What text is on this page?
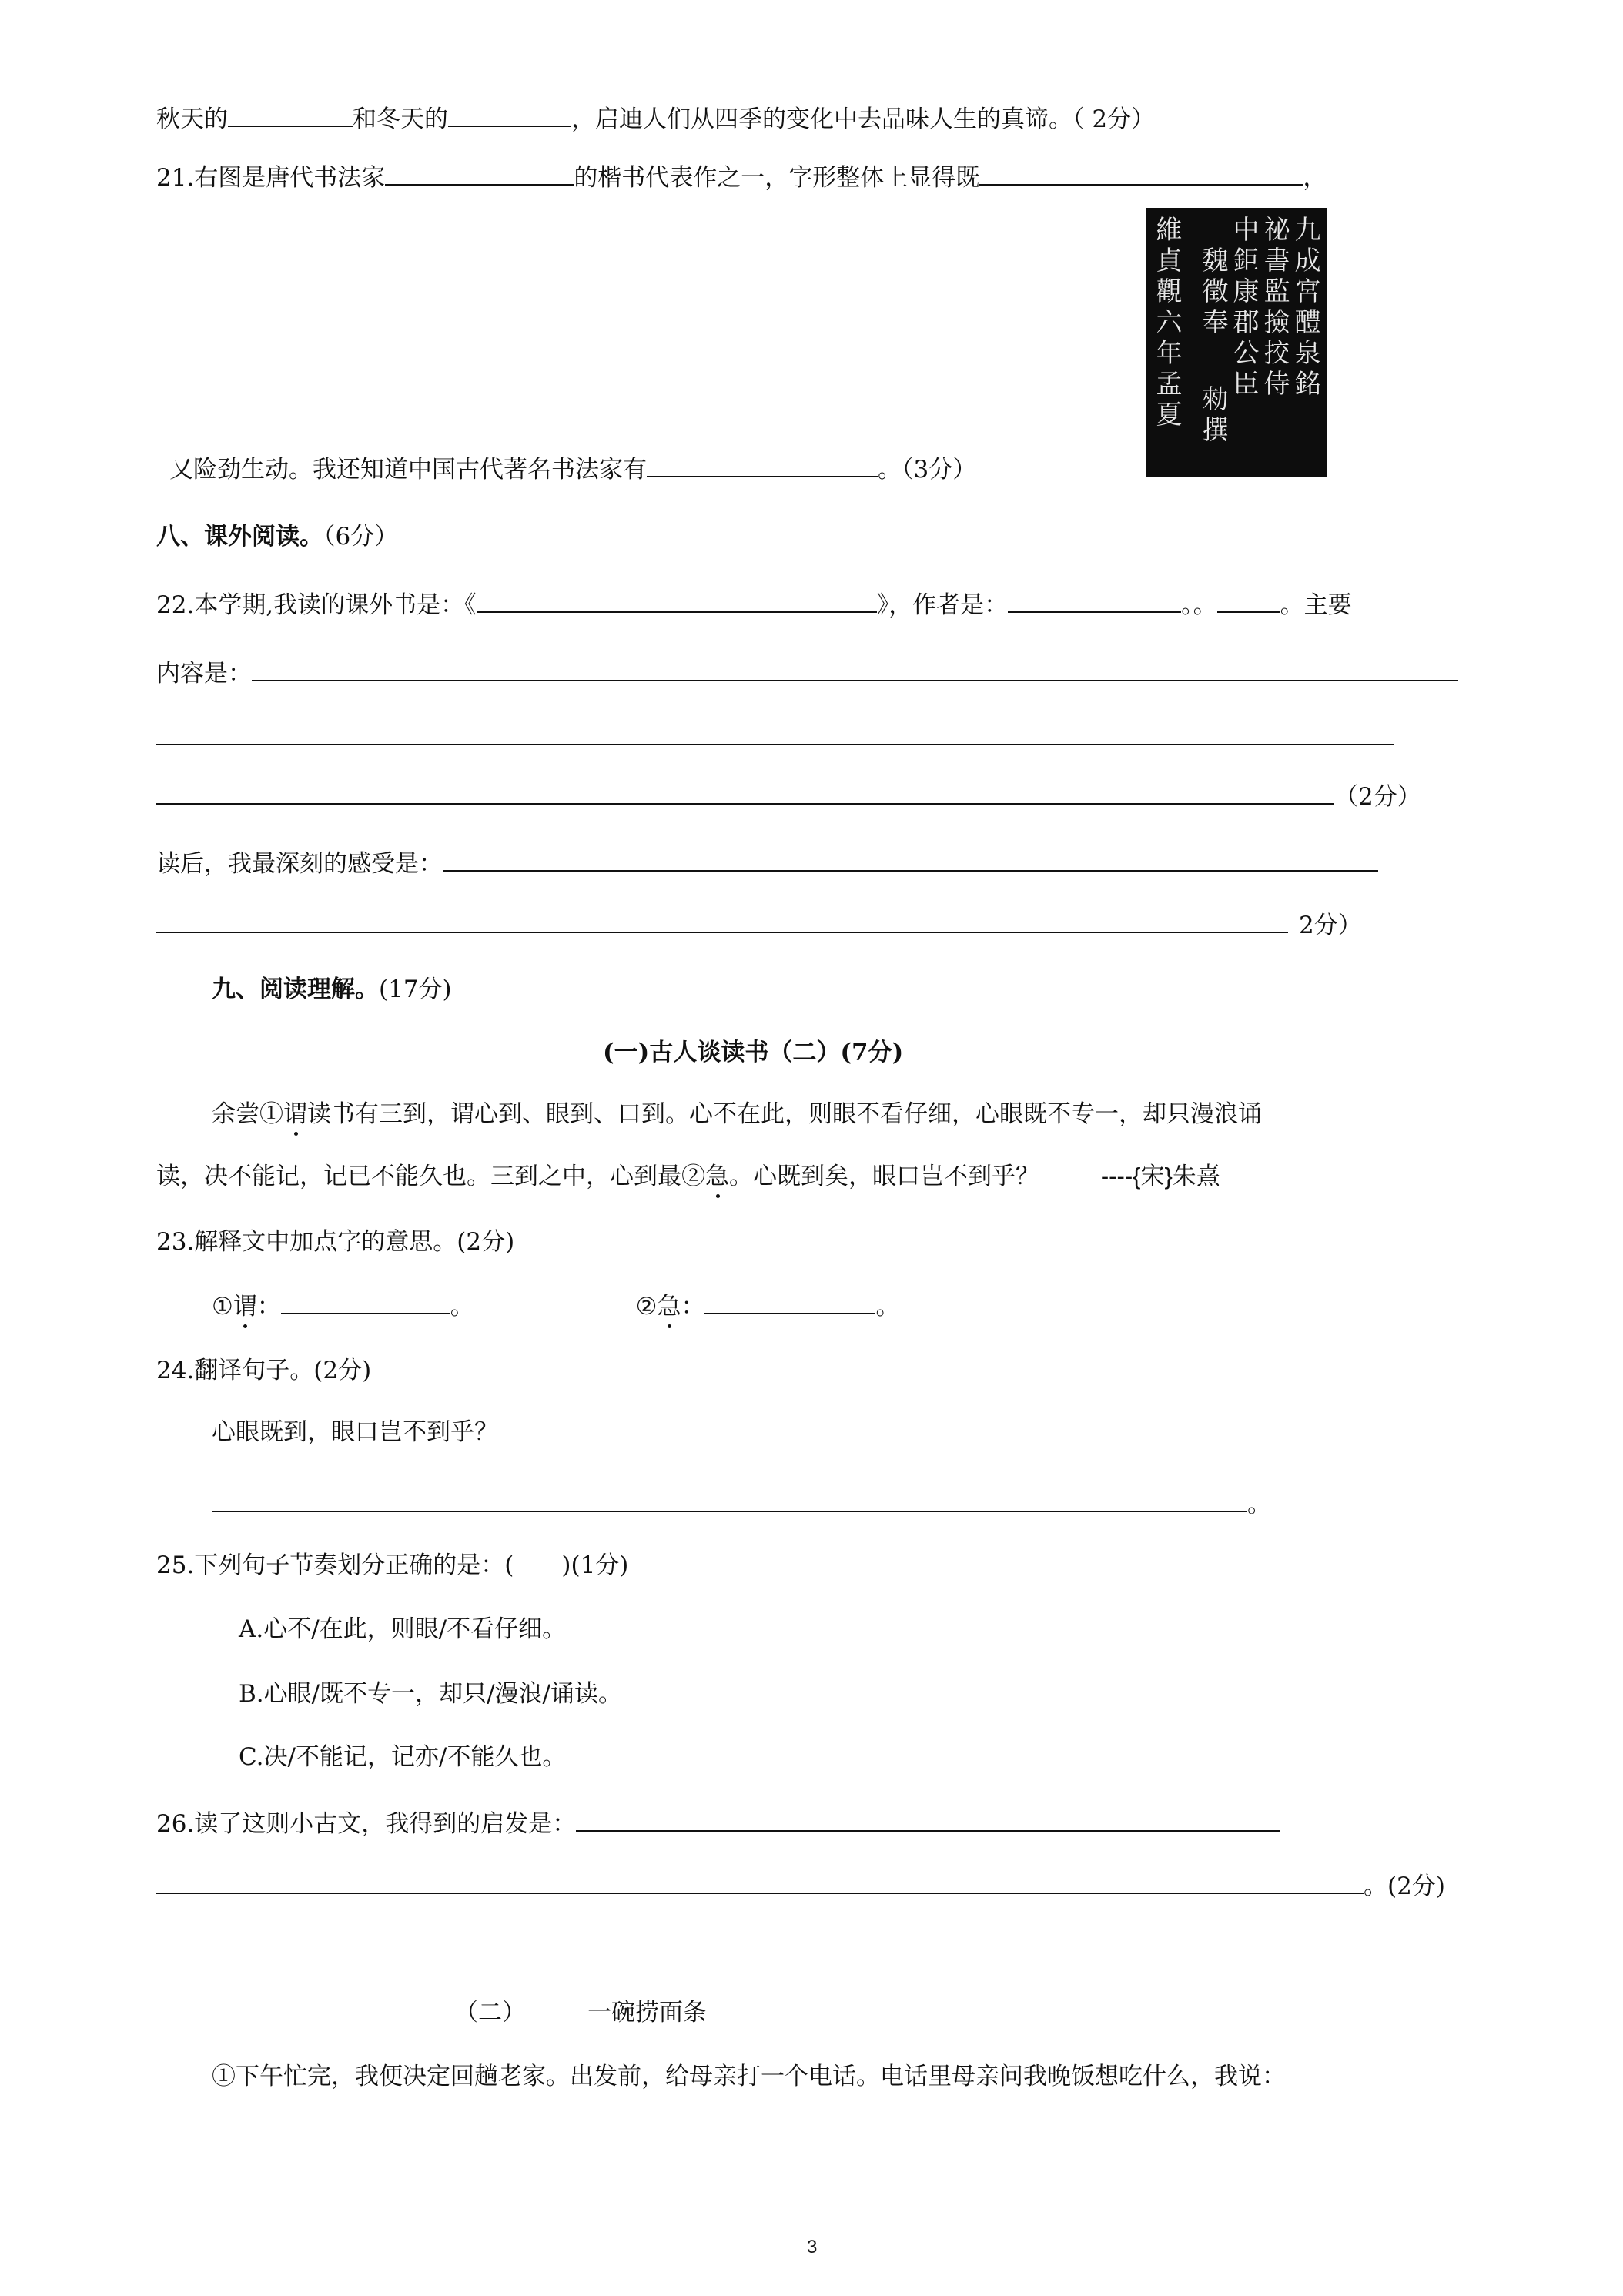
秋天的	和冬天的	，启迪人们从四季的变化中去品味人生的真谛。（ 2分）
21.右图是唐代书法家	的楷书代表作之一，字形整体上显得既	，
九成宮醴泉銘
祕書監撿挍侍
中鉅康郡公臣
魏徵奉
勑撰
維貞觀六年孟夏
又险劲生动。我还知道中国古代著名书法家有	。（3分）
八、课外阅读。（6分）
22.本学期,我读的课外书是：《	》，作者是：	。。	。主要
内容是：
（2分）
读后，我最深刻的感受是：
2分）
九、阅读理解。(17分)
(一)古人谈读书（二）(7分)
余尝①谓读书有三到，谓心到、眼到、口到。心不在此，则眼不看仔细，心眼既不专一，却只漫浪诵
读，决不能记，记已不能久也。三到之中，心到最②急。心既到矣，眼口岂不到乎？	----{宋}朱熹
23.解释文中加点字的意思。(2分)
①谓：	。	②急：	。
24.翻译句子。(2分)
心眼既到，眼口岂不到乎？
。
25.下列句子节奏划分正确的是：(　　)(1分)
A.心不/在此，则眼/不看仔细。
B.心眼/既不专一，却只/漫浪/诵读。
C.决/不能记，记亦/不能久也。
26.读了这则小古文，我得到的启发是：
。(2分)
（二）	一碗捞面条
①下午忙完，我便决定回趟老家。出发前，给母亲打一个电话。电话里母亲问我晚饭想吃什么，我说：
3
